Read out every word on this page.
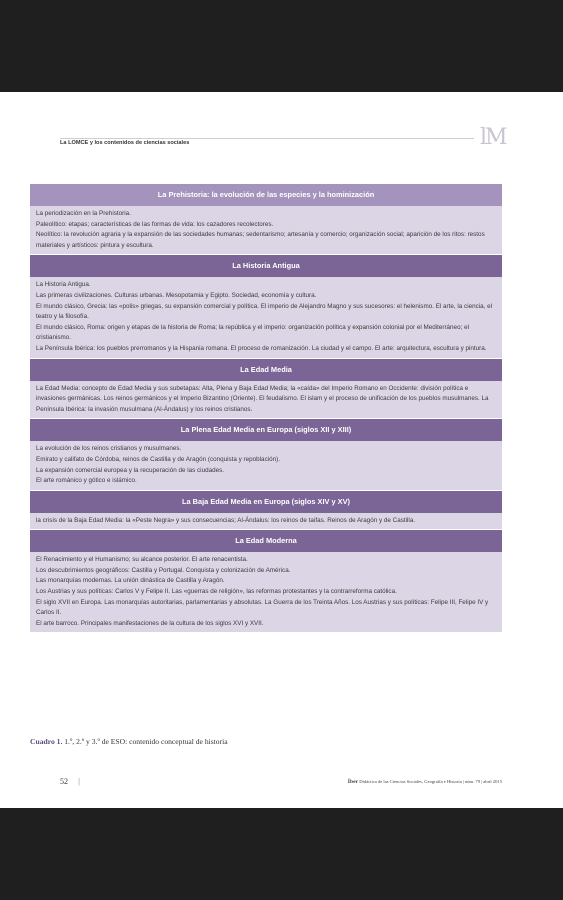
La LOMCE y los contenidos de ciencias sociales	lM
La Prehistoria: la evolución de las especies y la hominización

La periodización en la Prehistoria.

Paleolítico: etapas; características de las formas de vida: los cazadores recolectores.

Neolítico: la revolución agraria y la expansión de las sociedades humanas; sedentarismo; artesanía y comercio; organización social; aparición de los ritos: restos materiales y artísticos: pintura y escultura.

La Historia Antigua

La Historia Antigua.

Las primeras civilizaciones. Culturas urbanas. Mesopotamia y Egipto. Sociedad, economía y cultura.

El mundo clásico, Grecia: las «polis» griegas, su expansión comercial y política. El imperio de Alejandro Magno y sus sucesores: el helenismo. El arte, la ciencia, el teatro y la filosofía.

El mundo clásico, Roma: origen y etapas de la historia de Roma; la república y el imperio: organización política y expansión colonial por el Mediterráneo; el cristianismo.

La Península Ibérica: los pueblos prerromanos y la Hispania romana. El proceso de romanización. La ciudad y el campo. El arte: arquitectura, escultura y pintura.

La Edad Media

La Edad Media: concepto de Edad Media y sus subetapas: Alta, Plena y Baja Edad Media; la «caída» del Imperio Romano en Occidente: división política e invasiones germánicas. Los reinos germánicos y el Imperio Bizantino (Oriente). El feudalismo. El islam y el proceso de unificación de los pueblos musulmanes. La Península Ibérica: la invasión musulmana (Al-Ándalus) y los reinos cristianos.

La Plena Edad Media en Europa (siglos XII y XIII)

La evolución de los reinos cristianos y musulmanes.

Emirato y califato de Córdoba, reinos de Castilla y de Aragón (conquista y repoblación).

La expansión comercial europea y la recuperación de las ciudades.

El arte románico y gótico e islámico.

La Baja Edad Media en Europa (siglos XIV y XV)

la crisis de la Baja Edad Media: la «Peste Negra» y sus consecuencias; Al-Ándalus: los reinos de taifas. Reinos de Aragón y de Castilla.

La Edad Moderna

El Renacimiento y el Humanismo; su alcance posterior. El arte renacentista.

Los descubrimientos geográficos: Castilla y Portugal. Conquista y colonización de América.

Las monarquías modernas. La unión dinástica de Castilla y Aragón.

Los Austrias y sus políticas: Carlos V y Felipe II. Las «guerras de religión», las reformas protestantes y la contrarreforma católica.

El siglo XVII en Europa. Las monarquías autoritarias, parlamentarias y absolutas. La Guerra de los Treinta Años. Los Austrias y sus políticas: Felipe III, Felipe IV y Carlos II.

El arte barroco. Principales manifestaciones de la cultura de los siglos XVI y XVII.

Cuadro 1. 1.º, 2.º y 3.º de ESO: contenido conceptual de historia
52 |	Íber Didáctica de las Ciencias Sociales, Geografía e Historia | núm. 79 | abril 2015
